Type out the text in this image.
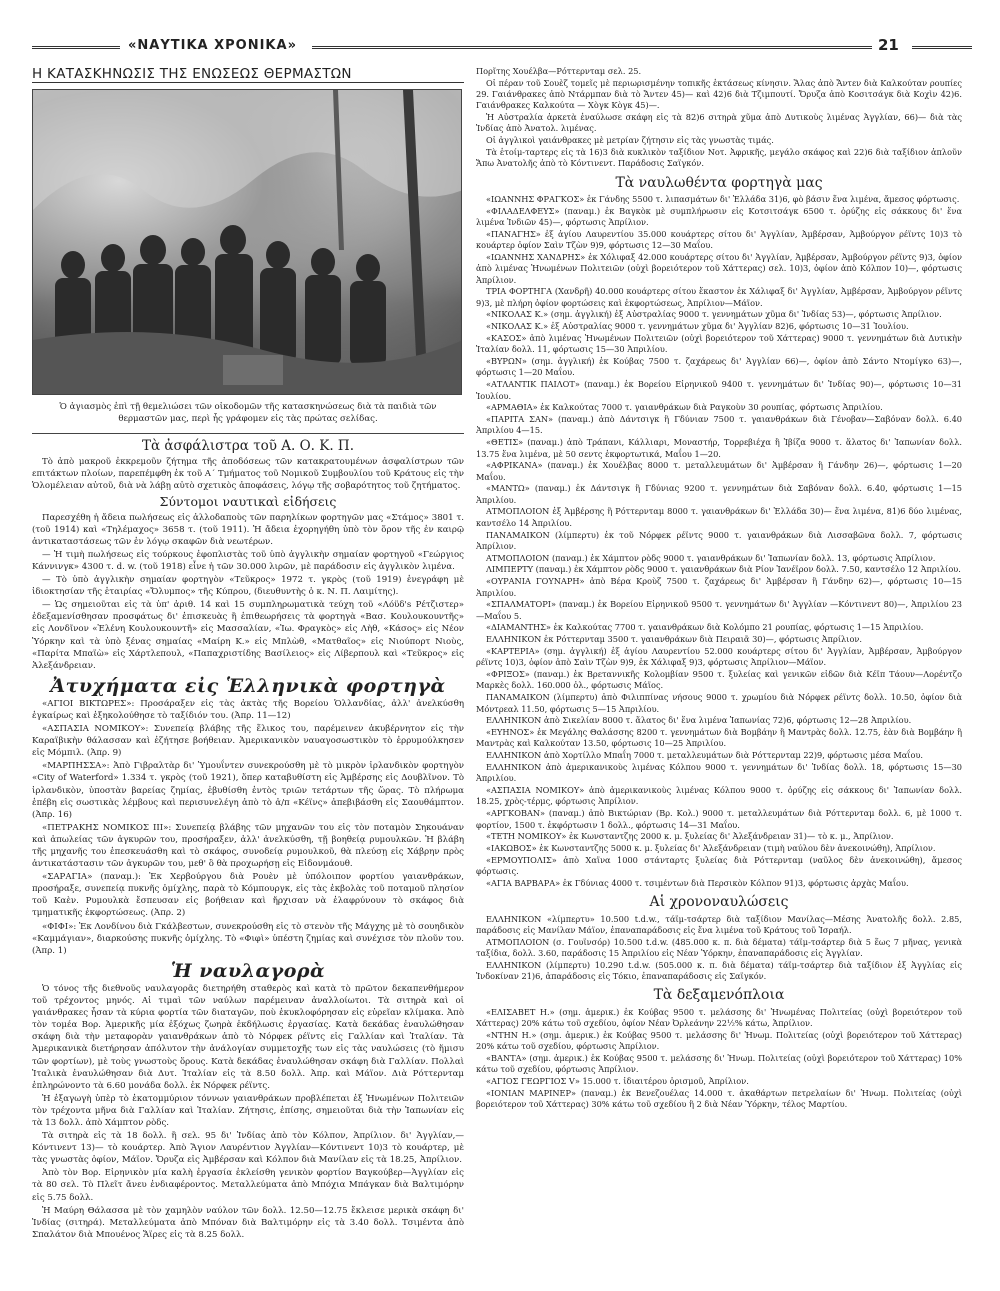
«ΝΑΥΤΙΚΑ ΧΡΟΝΙΚΑ»	21
Η ΚΑΤΑΣΚΗΝΩΣΙΣ ΤΗΣ ΕΝΩΣΕΩΣ ΘΕΡΜΑΣΤΩΝ
Ὁ ἁγιασμὸς ἐπὶ τῇ θεμελιώσει τῶν οἰκοδομῶν τῆς κατασκηνώσεως διὰ τὰ παιδιὰ τῶν θερμαστῶν μας, περὶ ἧς γράφομεν εἰς τὰς πρώτας σελίδας.
Τὰ ἀσφάλιστρα τοῦ Α. Ο. Κ. Π.

Τὸ ἀπὸ μακροῦ ἐκκρεμοῦν ζήτημα τῆς ἀποδόσεως τῶν κατακρατουμένων ἀσφαλίστρων τῶν επιτάκτων πλοίων, παρεπέμφθη ἐκ τοῦ Α΄ Τμήματος τοῦ Νομικοῦ Συμβουλίου τοῦ Κράτους εἰς τὴν Ὁλομέλειαν αὐτοῦ, διὰ νὰ λάβῃ αὐτὸ σχετικὸς ἀποφάσεις, λόγῳ τῆς σοβαρότητος τοῦ ζητήματος.

Σύντομοι ναυτικαὶ εἰδήσεις

Παρεσχέθη ἡ ἄδεια πωλήσεως εἰς ἀλλοδαποὺς τῶν παρηλίκων φορτηγῶν μας «Στάμος» 3801 τ. (τοῦ 1914) καὶ «Τηλέμαχος» 3658 τ. (τοῦ 1911). Ἡ ἄδεια ἐχορηγήθη ὑπὸ τὸν ὅρον τῆς ἐν καιρῷ ἀντικαταστάσεως τῶν ἐν λόγῳ σκαφῶν διὰ νεωτέρων.

— Ἡ τιμὴ πωλήσεως εἰς τούρκους ἐφοπλιστὰς τοῦ ὑπὸ ἀγγλικὴν σημαίαν φορτηγοῦ «Γεώργιος Κάννινγκ» 4300 τ. d. w. (τοῦ 1918) εἶνε ἡ τῶν 30.000 λιρῶν, μὲ παράδοσιν εἰς ἀγγλικὸν λιμένα.

— Τὸ ὑπὸ ἀγγλικὴν σημαίαν φορτηγὸν «Τεῦκρος» 1972 τ. γκρὸς (τοῦ 1919) ἐνεγράφη μὲ ἰδιοκτησίαν τῆς ἑταιρίας «Ὄλυμπος» τῆς Κύπρου, (διευθυντὴς ὁ κ. Ν. Π. Λαιμίτης).

— Ὡς σημειοῦται εἰς τὰ ὑπ' ἀριθ. 14 καὶ 15 συμπληρωματικὰ τεύχη τοῦ «Λόϋδ's Ρέτζιστερ» ἐδεξαμενίσθησαν προσφάτως δι' ἐπισκευὰς ἢ ἐπιθεωρήσεις τὰ φορτηγὰ «Βασ. Κουλουκουντῆς» εἰς Λονδῖνον «Ἐλένη Κουλουκουντῆ» εἰς Μασσαλίαν, «Ἰω. Φραγκὸς» εἰς Λὴθ, «Κάσος» εἰς Νέον Ὑόρκην καὶ τὰ ὑπὸ ξένας σημαίας «Μαίρη Κ.» εἰς Μπλὼθ, «Ματθαῖος» εἰς Νιούπορτ Νιοὺς, «Παρίτα Μπαϊὼ» εἰς Χάρτλεπουλ, «Παπαχριστίδης Βασίλειος» εἰς Λίβερπουλ καὶ «Τεῦκρος» εἰς Ἀλεξάνδρειαν.

Ἀτυχήματα εἰς Ἑλληνικὰ φορτηγὰ

«ΑΓΙΟΙ ΒΙΚΤΩΡΕΣ»: Προσάραξεν εἰς τὰς ἀκτὰς τῆς Βορείου Ὁλλανδίας, ἀλλ' ἀνελκύσθη ἐγκαίρως καὶ ἐξηκολούθησε τὸ ταξίδιόν του. (Ἀπρ. 11—12)

«ΑΣΠΑΣΙΑ ΝΟΜΙΚΟΥ»: Συνεπείᾳ βλάβης τῆς ἕλικος του, παρέμεινεν ἀκυβέρνητον εἰς τὴν Καραϊβικὴν θάλασσαν καὶ ἐζήτησε βοήθειαν. Ἀμερικανικὸν ναυαγοσωστικὸν τὸ ἐρρυμούλκησεν εἰς Μόμπιλ. (Ἀπρ. 9)

«ΜΑΡΠΗΣΣΑ»: Ἀπὸ Γιβραλτὰρ δι' Ὑμουΐντεν συνεκρούσθη μὲ τὸ μικρὸν ἰρλανδικὸν φορτηγὸν «City of Waterford» 1.334 τ. γκρὸς (τοῦ 1921), ὅπερ καταβυθίστη εἰς Ἀμβέρσης εἰς Δουβλῖνον. Τὸ ἰρλανδικὸν, ὑποστὰν βαρείας ζημίας, ἐβυθίσθη ἐντὸς τριῶν τετάρτων τῆς ὥρας. Τὸ πλήρωμα ἐπέβη εἰς σωστικὰς λέμβους καὶ περισυνελέγη ἀπὸ τὸ ἀ/π «Κέϊνς» ἀπεβιβάσθη εἰς Σαουθάμπτον. (Ἀπρ. 16)

«ΠΕΤΡΑΚΗΣ ΝΟΜΙΚΟΣ ΙΙΙ»: Συνεπείᾳ βλάβης τῶν μηχανῶν του εἰς τὸν ποταμὸν Σηκουάναν καὶ ἀπωλείας τῶν ἀγκυρῶν του, προσήραξεν, ἀλλ' ἀνελκύσθη, τῇ βοηθείᾳ ρυμουλκῶν. Ἡ βλάβη τῆς μηχανῆς του ἐπεσκευάσθη καὶ τὸ σκάφος, συνοδείᾳ ρυμουλκοῦ, θὰ πλεύσῃ εἰς Χάβρην πρὸς ἀντικατάστασιν τῶν ἀγκυρῶν του, μεθ' ὃ θὰ προχωρήσῃ εἰς Εἰδονμάουθ.

«ΣΑΡΑΓΙΑ» (παναμ.): Ἐκ Χερβούργου διὰ Ρουὲν μὲ ὑπόλοιπον φορτίου γαιανθράκων, προσήραξε, συνεπείᾳ πυκνῆς ὁμίχλης, παρὰ τὸ Κόμπουργκ, εἰς τὰς ἐκβολὰς τοῦ ποταμοῦ πλησίον τοῦ Καὲν. Ρυμουλκὰ ἔσπευσαν εἰς βοήθειαν καὶ ἤρχισαν νὰ ἐλαφρύνουν τὸ σκάφος διὰ τμηματικῆς ἐκφορτώσεως. (Ἀπρ. 2)

«ΦΙΦΙ»: Ἐκ Λονδίνου διὰ Γκάλβεστων, συνεκρούσθη εἰς τὸ στενὸν τῆς Μάγχης μὲ τὸ σουηδικὸν «Καμμάγιαν», διαρκούσης πυκνῆς ὁμίχλης. Τὸ «Φιφὶ» ὑπέστη ζημίας καὶ συνέχισε τὸν πλοῦν του. (Ἀπρ. 1)

Ἡ ναυλαγορὰ

Ὁ τόνος τῆς διεθνοῦς ναυλαγορᾶς διετηρήθη σταθερὸς καὶ κατὰ τὸ πρῶτον δεκαπενθήμερον τοῦ τρέχοντος μηνός. Αἱ τιμαὶ τῶν ναύλων παρέμειναν ἀναλλοίωτοι. Τὰ σιτηρὰ καὶ οἱ γαιάνθρακες ἦσαν τὰ κύρια φορτία τῶν διαταγῶν, ποὺ ἐκυκλοφόρησαν εἰς εὐρεῖαν κλίμακα. Ἀπὸ τὸν τομέα Βορ. Ἀμερικῆς μία ἐξόχως ζωηρὰ ἐκδήλωσις ἐργασίας. Κατὰ δεκάδας ἐναυλώθησαν σκάφη διὰ τὴν μεταφορὰν γαιανθράκων ἀπὸ τὸ Νόρφεκ ρέϊντς εἰς Γαλλίαν καὶ Ἰταλίαν. Τὰ Ἀμερικανικὰ διετήρησαν ἀπόλυτον τὴν ἀνάλογίαν συμμετοχῆς των εἰς τὰς ναυλώσεις (τὸ ἥμισυ τῶν φορτίων), μὲ τοὺς γνωστοὺς ὅρους. Κατὰ δεκάδας ἐναυλώθησαν σκάφη διὰ Γαλλίαν. Πολλαὶ Ἰταλικὰ ἐναυλώθησαν διὰ Δυτ. Ἰταλίαν εἰς τὰ 8.50 δολλ. Ἀπρ. καὶ Μάϊον. Διὰ Ρόττερνταμ ἐπληρώνοντο τὰ 6.60 μονάδα δολλ. ἐκ Νόρφεκ ρέϊντς.

Ἡ ἐξαγωγὴ ὑπὲρ τὸ ἑκατομμύριον τόννων γαιανθράκων προβλέπεται ἐξ Ἡνωμένων Πολιτειῶν τὸν τρέχοντα μῆνα διὰ Γαλλίαν καὶ Ἰταλίαν. Ζήτησις, ἐπίσης, σημειοῦται διὰ τὴν Ἰαπωνίαν εἰς τὰ 13 δολλ. ἀπὸ Χάμπτον ρὸδς.

Τὰ σιτηρὰ εἰς τὰ 18 δολλ. ἢ σελ. 95 δι' Ἰνδίας ἀπὸ τὸν Κόλπον, Ἀπρίλιον. δι' Ἀγγλίαν,— Κόντινεντ 13)— τὸ κουάρτερ. Ἀπὸ Ἅγιον Λαυρέντιον Ἀγγλίαν—Κόντινεντ 10)3 τὸ κουάρτερ, μὲ τὰς γνωστὰς ὀφίον, Μάϊον. Ὄρυζα εἰς Ἀμβέρσαν καὶ Κόλπον διὰ Μανίλαν εἰς τὰ 18.25, Ἀπρίλιον.

Ἀπὸ τὸν Βορ. Εἰρηνικὸν μία καλὴ ἐργασία ἐκλείσθη γενικὸν φορτίον Βαγκούβερ—Ἀγγλίαν εἰς τὰ 80 σελ. Τὸ Πλεῖτ ἄνευ ἐνδιαφέροντος. Μεταλλεύματα ἀπὸ Μπόχια Μπάγκαν διὰ Βαλτιμόρην εἰς 5.75 δολλ.

Ἡ Μαύρη Θάλασσα μὲ τὸν χαμηλὸν ναύλον τῶν δολλ. 12.50—12.75 ἔκλεισε μερικὰ σκάφη δι' Ἰνδίας (σιτηρά). Μεταλλεύματα ἀπὸ Μπόναν διὰ Βαλτιμόρην εἰς τὰ 3.40 δολλ. Τσιμέντα ἀπὸ Σπαλάτον διὰ Μπουένος Ἄϊρες εἰς τὰ 8.25 δολλ.

Πορῖτης Χουέλβα—Ρόττερνταμ σελ. 25.

Οἱ πέραν τοῦ Σουὲζ τομεῖς μὲ περιωρισμένην τοπικῆς ἐκτάσεως κίνησιν. Ἅλας ἀπὸ Ἄντεν διὰ Καλκούταν ρουπίες 29. Γαιάνθρακες ἀπὸ Ντάρμπαν διὰ τὸ Ἄντεν 45)— καὶ 42)6 διὰ Τζιμπουτί. Ὄρυζα ἀπὸ Κοσιτσάγκ διὰ Κοχὶν 42)6. Γαιάνθρακες Καλκούτα — Χὸγκ Κὸγκ 45)—.

Ἡ Αὐστραλία ἀρκετὰ ἐναύλωσε σκάφη εἰς τὰ 82)6 σιτηρὰ χῦμα ἀπὸ Δυτικοὺς λιμένας Ἀγγλίαν, 66)— διὰ τὰς Ἰνδίας ἀπὸ Ἀνατολ. λιμένας.

Οἱ ἀγγλικοὶ γαιάνθρακες μὲ μετρίαν ζήτησιν εἰς τὰς γνωστὰς τιμάς.

Τὰ ἐτοίμ-ταρτερς εἰς τὰ 16)3 διὰ κυκλικὸν ταξίδιον Νοτ. Ἀφρικῆς, μεγάλο σκάφος καὶ 22)6 διὰ ταξίδιον ἁπλοῦν Ἄπω Ἀνατολῆς ἀπὸ τὸ Κόντινεντ. Παράδοσις Σαϊγκόν.

Τὰ ναυλωθέντα φορτηγὰ μας

«ΙΩΑΝΝΗΣ ΦΡΑΓΚΟΣ» ἐκ Γάνδης 5500 τ. λιπασμάτων δι' Ἑλλάδα 31)6, φὸ βάσιν ἕνα λιμένα, ἄμεσος φόρτωσις.

«ΦΙΛΑΔΕΛΦΕΥΣ» (παναμ.) ἐκ Βαγκὸκ μὲ συμπλήρωσιν εἰς Κοτσιτσάγκ 6500 τ. ὀρύζης εἰς σάκκους δι' ἕνα λιμένα Ἰνδιῶν 45)—, φόρτωσις Ἀπρίλιον.

«ΠΑΝΑΓΗΣ» ἐξ ἁγίου Λαυρεντίου 35.000 κουάρτερς σίτου δι' Ἀγγλίαν, Ἀμβέρσαν, Ἀμβούργον ρέϊντς 10)3 τὸ κουάρτερ ὀφίον Σαὶν Τζὼν 9)9, φόρτωσις 12—30 Μαΐου.

«ΙΩΑΝΝΗΣ ΧΑΝΔΡΗΣ» ἐκ Χόλιφαξ 42.000 κουάρτερς σίτου δι' Ἀγγλίαν, Ἀμβέρσαν, Ἀμβούργον ρέϊντς 9)3, ὀφίον ἀπὸ λιμένας Ἡνωμένων Πολιτειῶν (οὐχὶ βορειότερον τοῦ Χάττερας) σελ. 10)3, ὀφίον ἀπὸ Κόλπον 10)—, φόρτωσις Ἀπρίλιον.

ΤΡΙΑ ΦΟΡΤΗΓΑ (Χανδρῆ) 40.000 κουάρτερς σίτου ἕκαστον ἐκ Χάλιφαξ δι' Ἀγγλίαν, Ἀμβέρσαν, Ἀμβούργον ρέϊντς 9)3, μὲ πλήρη ὀφίον φορτώσεις καὶ ἐκφορτώσεως, Ἀπρίλιον—Μάϊον.

«ΝΙΚΟΛΑΣ Κ.» (σημ. ἀγγλική) ἐξ Αὐστραλίας 9000 τ. γεννημάτων χῦμα δι' Ἰνδίας 53)—, φόρτωσις Ἀπρίλιον.

«ΝΙΚΟΛΑΣ Κ.» ἐξ Αὐστραλίας 9000 τ. γεννημάτων χῦμα δι' Ἀγγλίαν 82)6, φόρτωσις 10—31 Ἰουλίου.

«ΚΑΣΟΣ» ἀπὸ λιμένας Ἡνωμένων Πολιτειῶν (οὐχὶ βορειότερον τοῦ Χάττερας) 9000 τ. γεννημάτων διὰ Δυτικὴν Ἰταλίαν δολλ. 11, φόρτωσις 15—30 Ἀπριλίου.

«ΒΥΡΩΝ» (σημ. ἀγγλική) ἐκ Κούβας 7500 τ. ζαχάρεως δι' Ἀγγλίαν 66)—, ὀφίον ἀπὸ Σάντο Ντομίγκο 63)—, φόρτωσις 1—20 Μαΐου.

«ΑΤΛΑΝΤΙΚ ΠΑΙΛΟΤ» (παναμ.) ἐκ Βορείου Εἰρηνικοῦ 9400 τ. γεννημάτων δι' Ἰνδίας 90)—, φόρτωσις 10—31 Ἰουλίου.

«ΑΡΜΑΘΙΑ» ἐκ Καλκούτας 7000 τ. γαιανθράκων διὰ Ραγκοὺν 30 ρουπίας, φόρτωσις Ἀπριλίου.

«ΠΑΡΙΤΑ ΣΑΝ» (παναμ.) ἀπὸ Δάντσιγκ ἢ Γδύνιαν 7500 τ. γαιανθράκων διὰ Γένοβαν—Σαβόναν δολλ. 6.40 Ἀπριλίου 4—15.

«ΘΕΤΙΣ» (παναμ.) ἀπὸ Τράπανι, Κάλλιαρι, Μοναστήρ, Τορρεβιέχα ἢ Ἰβίζα 9000 τ. ἅλατος δι' Ἰαπωνίαν δολλ. 13.75 ἕνα λιμένα, μὲ 50 σεντς ἐκφορτωτικά, Μαΐου 1—20.

«ΑΦΡΙΚΑΝΑ» (παναμ.) ἐκ Χουέλβας 8000 τ. μεταλλευμάτων δι' Ἀμβέρσαν ἢ Γάνδην 26)—, φόρτωσις 1—20 Μαΐου.

«ΜΑΝΤΩ» (παναμ.) ἐκ Δάντσιγκ ἢ Γδύνιας 9200 τ. γεννημάτων διὰ Σαβόναν δολλ. 6.40, φόρτωσις 1—15 Ἀπριλίου.

ΑΤΜΟΠΛΟΙΟΝ ἐξ Ἀμβέρσης ἢ Ρόττερνταμ 8000 τ. γαιανθράκων δι' Ἑλλάδα 30)— ἕνα λιμένα, 81)6 δύο λιμένας, καντσέλο 14 Ἀπριλίου.

ΠΑΝΑΜΑΙΚΟΝ (λίμπερτυ) ἐκ τοῦ Νόρφεκ ρέϊντς 9000 τ. γαιανθράκων διὰ Λισσαβῶνα δολλ. 7, φόρτωσις Ἀπρίλιον.

ΑΤΜΟΠΛΟΙΟΝ (παναμ.) ἐκ Χάμπτον ρὸδς 9000 τ. γαιανθράκων δι' Ἰαπωνίαν δολλ. 13, φόρτωσις Ἀπρίλιον.

ΛΙΜΠΕΡΤΥ (παναμ.) ἐκ Χάμπτον ρὸδς 9000 τ. γαιανθράκων διὰ Ρίον Ἰανέϊρον δολλ. 7.50, καντσέλο 12 Ἀπριλίου.

«ΟΥΡΑΝΙΑ ΓΟΥΝΑΡΗ» ἀπὸ Βέρα Κροὺζ 7500 τ. ζαχάρεως δι' Ἀμβέρσαν ἢ Γάνδην 62)—, φόρτωσις 10—15 Ἀπριλίου.

«ΣΠΑΛΜΑΤΟΡΙ» (παναμ.) ἐκ Βορείου Εἰρηνικοῦ 9500 τ. γεννημάτων δι' Ἀγγλίαν —Κόντινεντ 80)—, Ἀπριλίου 23—Μαΐου 5.

«ΔΙΑΜΑΝΤΗΣ» ἐκ Καλκούτας 7700 τ. γαιανθράκων διὰ Κολόμπο 21 ρουπίας, φόρτωσις 1—15 Ἀπριλίου.

ΕΛΛΗΝΙΚΟΝ ἐκ Ρόττερνταμ 3500 τ. γαιανθράκων διὰ Πειραιᾶ 30)—, φόρτωσις Ἀπρίλιον.

«ΚΑΡΤΕΡΙΑ» (σημ. ἀγγλική) ἐξ ἁγίου Λαυρεντίου 52.000 κουάρτερς σίτου δι' Ἀγγλίαν, Ἀμβέρσαν, Ἀμβούργον ρέϊντς 10)3, ὀφίον ἀπὸ Σαὶν Τζὼν 9)9, ἐκ Χάλιφαξ 9)3, φόρτωσις Ἀπρίλιον—Μάϊον.

«ΦΡΙΞΟΣ» (παναμ.) ἐκ Βρεταννικῆς Κολομβίαν 9500 τ. ξυλείας καὶ γενικῶν εἰδῶν διὰ Κέϊπ Τάουν—Λορέντζο Μαρκὲς δολλ. 160.000 ὀλ., φόρτωσις Μάϊος.

ΠΑΝΑΜΑΙΚΟΝ (λίμπερτυ) ἀπὸ Φιλιππίνας νήσους 9000 τ. χρωμίου διὰ Νόρφεκ ρέϊντς δολλ. 10.50, ὀφίον διὰ Μόντρεαλ 11.50, φόρτωσις 5—15 Ἀπριλίου.

ΕΛΛΗΝΙΚΟΝ ἀπὸ Σικελίαν 8000 τ. ἅλατος δι' ἕνα λιμένα Ἰαπωνίας 72)6, φόρτωσις 12—28 Ἀπριλίου.

«ΕΥΗΝΟΣ» ἐκ Μεγάλης Θαλάσσης 8200 τ. γεννημάτων διὰ Βομβάην ἢ Μαντρὰς δολλ. 12.75, ἐὰν διὰ Βομβάην ἢ Μαντρὰς καὶ Καλκούταν 13.50, φόρτωσις 10—25 Ἀπριλίου.

ΕΛΛΗΝΙΚΟΝ ἀπὸ Χορτίλλο Μπαΐη 7000 τ. μεταλλευμάτων διὰ Ρόττερνταμ 22)9, φόρτωσις μέσα Μαΐου.

ΕΛΛΗΝΙΚΟΝ ἀπὸ ἀμερικανικοὺς λιμένας Κόλπου 9000 τ. γεννημάτων δι' Ἰνδίας δολλ. 18, φόρτωσις 15—30 Ἀπριλίου.

«ΑΣΠΑΣΙΑ ΝΟΜΙΚΟΥ» ἀπὸ ἀμερικανικοὺς λιμένας Κόλπου 9000 τ. ὀρύζης εἰς σάκκους δι' Ἰαπωνίαν δολλ. 18.25, χρὸς-τέρμς, φόρτωσις Ἀπρίλιον.

«ΑΡΓΚΟΒΑΝ» (παναμ.) ἀπὸ Βικτώριαν (Βρ. Κολ.) 9000 τ. μεταλλευμάτων διὰ Ρόττερνταμ δολλ. 6, μὲ 1000 τ. φορτίον, 1500 τ. ἐκφόρτωσιν 1 δολλ., φόρτωσις 14—31 Μαΐου.

«ΤΕΤΗ ΝΟΜΙΚΟΥ» ἐκ Κωνσταντζης 2000 κ. μ. ξυλείας δι' Ἀλεξάνδρειαν 31)— τὸ κ. μ., Ἀπρίλιον.

«ΙΑΚΩΒΟΣ» ἐκ Κωνσταντζης 5000 κ. μ. ξυλείας δι' Ἀλεξάνδρειαν (τιμὴ ναύλου δὲν ἀνεκοινώθη), Ἀπρίλιον.

«ΕΡΜΟΥΠΟΛΙΣ» ἀπὸ Χαϊνα 1000 στάνταρτς ξυλείας διὰ Ρόττερνταμ (ναῦλος δὲν ἀνεκοινώθη), ἄμεσος φόρτωσις.

«ΑΓΙΑ ΒΑΡΒΑΡΑ» ἐκ Γδύνιας 4000 τ. τσιμέντων διὰ Περσικὸν Κόλπον 91)3, φόρτωσις ἀρχὰς Μαΐου.

Αἱ χρονοναυλώσεις

ΕΛΛΗΝΙΚΟΝ «λίμπερτυ» 10.500 t.d.w., τάϊμ-τσάρτερ διὰ ταξίδιον Μανίλας—Μέσης Ἀνατολῆς δολλ. 2.85, παράδοσις εἰς Μανίλαν Μάϊον, ἐπαναπαράδοσις εἰς ἕνα λιμένα τοῦ Κράτους τοῦ Ἰσραήλ.

ΑΤΜΟΠΛΟΙΟΝ (σ. Γουϊνσόρ) 10.500 t.d.w. (485.000 κ. π. διὰ δέματα) τάϊμ-τσάρτερ διὰ 5 ἕως 7 μῆνας, γενικὰ ταξίδια, δολλ. 3.60, παράδοσις 15 Ἀπριλίου εἰς Νέαν Ὑόρκην, ἐπαναπαράδοσις εἰς Ἀγγλίαν.

ΕΛΛΗΝΙΚΟΝ (λίμπερτυ) 10.290 t.d.w. (505.000 κ. π. διὰ δέματα) τάϊμ-τσάρτερ διὰ ταξίδιον ἐξ Ἀγγλίας εἰς Ἰνδοκίναν 21)6, ἀπαράδοσις εἰς Τόκιο, ἐπαναπαράδοσις εἰς Σαϊγκόν.

Τὰ δεξαμενόπλοια

«ΕΛΙΣΑΒΕΤ Η.» (σημ. ἀμερικ.) ἐκ Κούβας 9500 τ. μελάσσης δι' Ἡνωμένας Πολιτείας (οὐχὶ βορειότερον τοῦ Χάττερας) 20% κάτω τοῦ σχεδίου, ὀφίον Νέαν Ὀρλεάνην 22½% κάτω, Ἀπρίλιον.

«ΝΤΗΝ Η.» (σημ. ἀμερικ.) ἐκ Κούβας 9500 τ. μελάσσης δι' Ἡνωμ. Πολιτείας (οὐχὶ βορειότερον τοῦ Χάττερας) 20% κάτω τοῦ σχεδίου, φόρτωσις Ἀπρίλιον.

«ΒΑΝΤΑ» (σημ. ἀμερικ.) ἐκ Κούβας 9500 τ. μελάσσης δι' Ἡνωμ. Πολιτείας (οὐχὶ βορειότερον τοῦ Χάττερας) 10% κάτω τοῦ σχεδίου, φόρτωσις Ἀπρίλιον.

«ΑΓΙΟΣ ΓΕΩΡΓΙΟΣ V» 15.000 τ. ἰδιαιτέρου ὁρισμοῦ, Ἀπρίλιον.

«ΙΟΝΙΑΝ ΜΑΡΙΝΕΡ» (παναμ.) ἐκ Βενεζουέλας 14.000 τ. ἀκαθάρτων πετρελαίων δι' Ἡνωμ. Πολιτείας (οὐχὶ βορειότερον τοῦ Χάττερας) 30% κάτω τοῦ σχεδίου ἢ 2 διὰ Νέαν Ὑόρκην, τέλος Μαρτίου.
